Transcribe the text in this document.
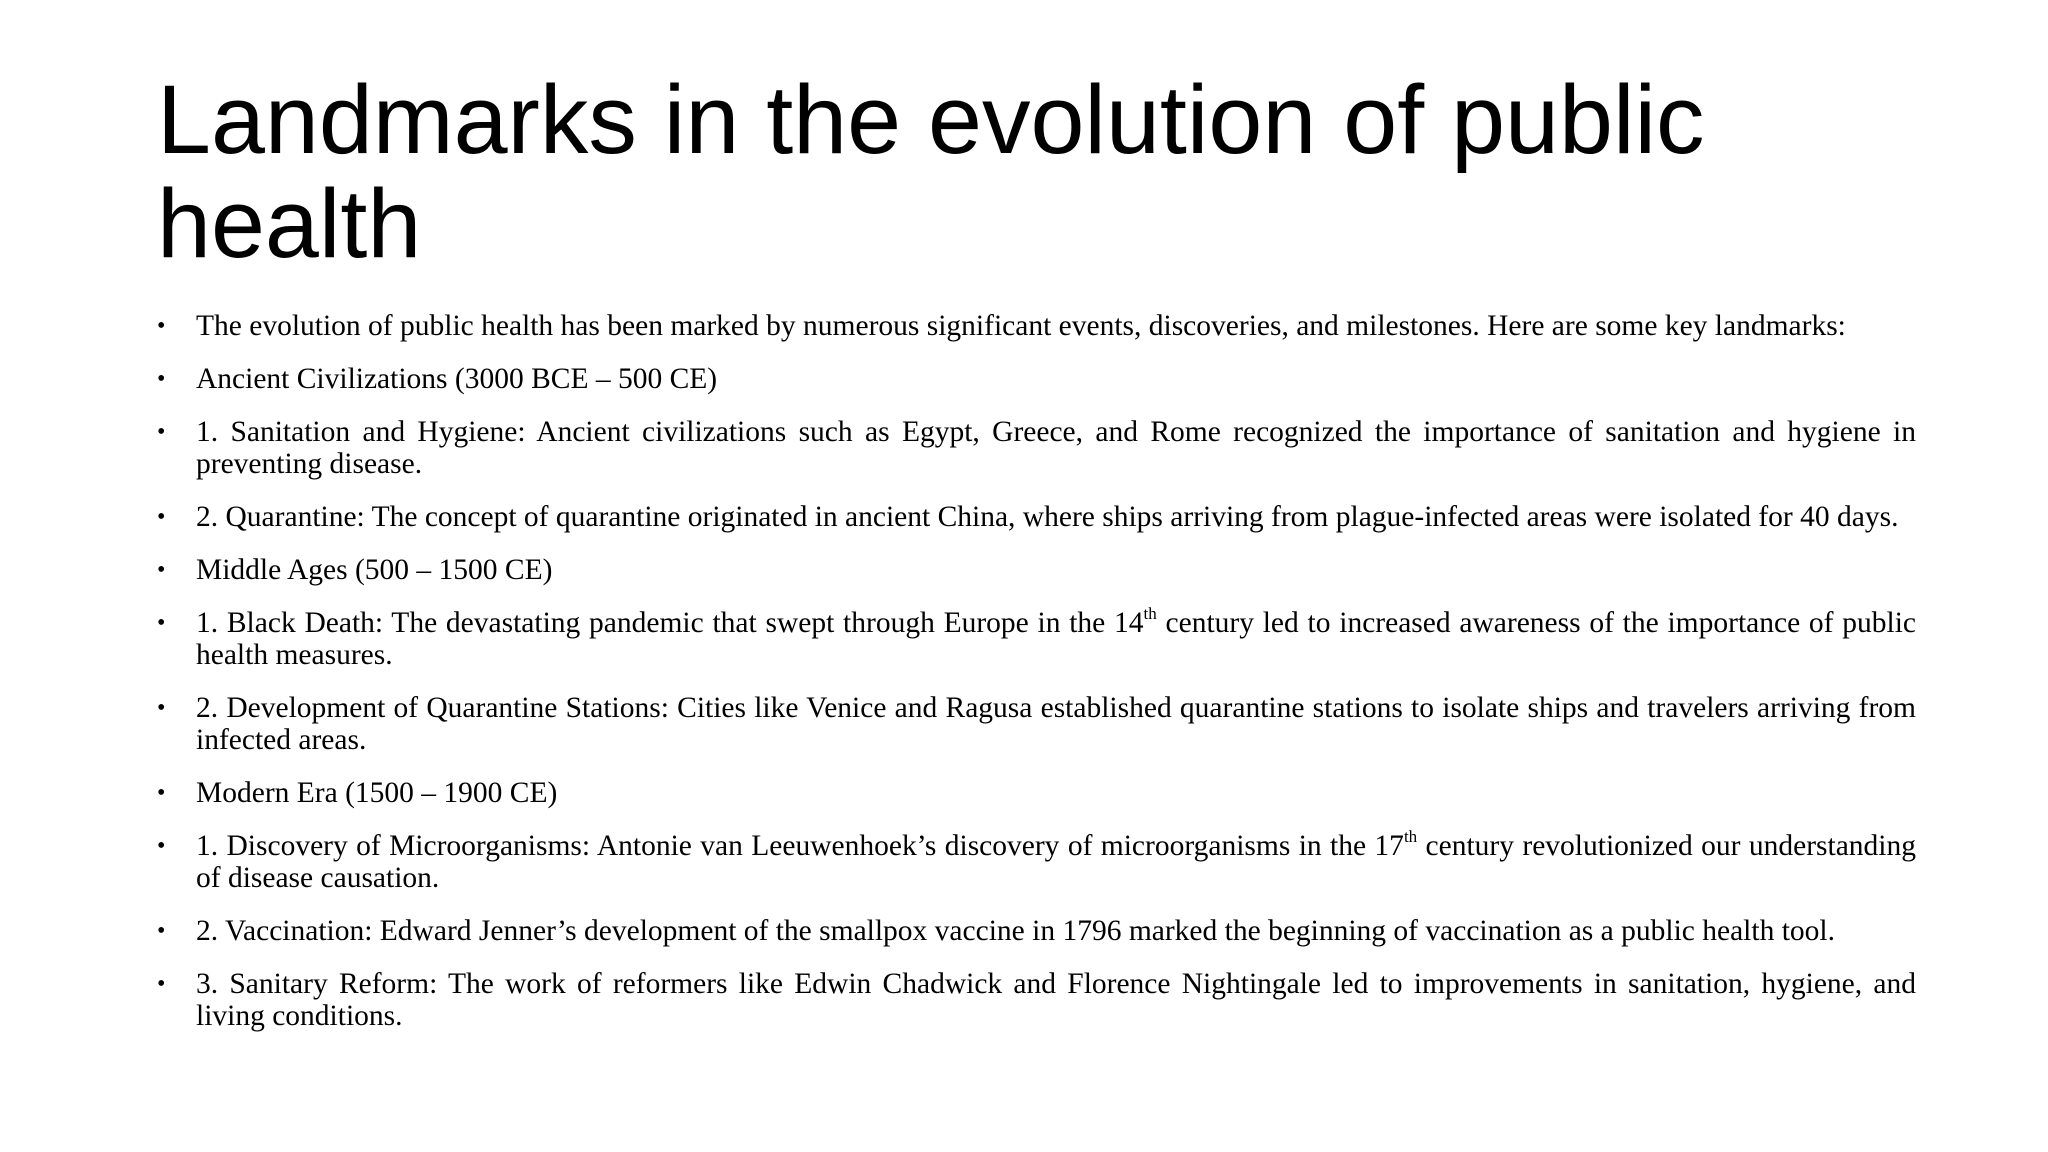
Landmarks in the evolution of public health
• The evolution of public health has been marked by numerous significant events, discoveries, and milestones. Here are some key landmarks:
• Ancient Civilizations (3000 BCE – 500 CE)
• 1. Sanitation and Hygiene: Ancient civilizations such as Egypt, Greece, and Rome recognized the importance of sanitation and hygiene in preventing disease.
• 2. Quarantine: The concept of quarantine originated in ancient China, where ships arriving from plague-infected areas were isolated for 40 days.
• Middle Ages (500 – 1500 CE)
• 1. Black Death: The devastating pandemic that swept through Europe in the 14th century led to increased awareness of the importance of public health measures.
• 2. Development of Quarantine Stations: Cities like Venice and Ragusa established quarantine stations to isolate ships and travelers arriving from infected areas.
• Modern Era (1500 – 1900 CE)
• 1. Discovery of Microorganisms: Antonie van Leeuwenhoek’s discovery of microorganisms in the 17th century revolutionized our understanding of disease causation.
• 2. Vaccination: Edward Jenner’s development of the smallpox vaccine in 1796 marked the beginning of vaccination as a public health tool.
• 3. Sanitary Reform: The work of reformers like Edwin Chadwick and Florence Nightingale led to improvements in sanitation, hygiene, and living conditions.
